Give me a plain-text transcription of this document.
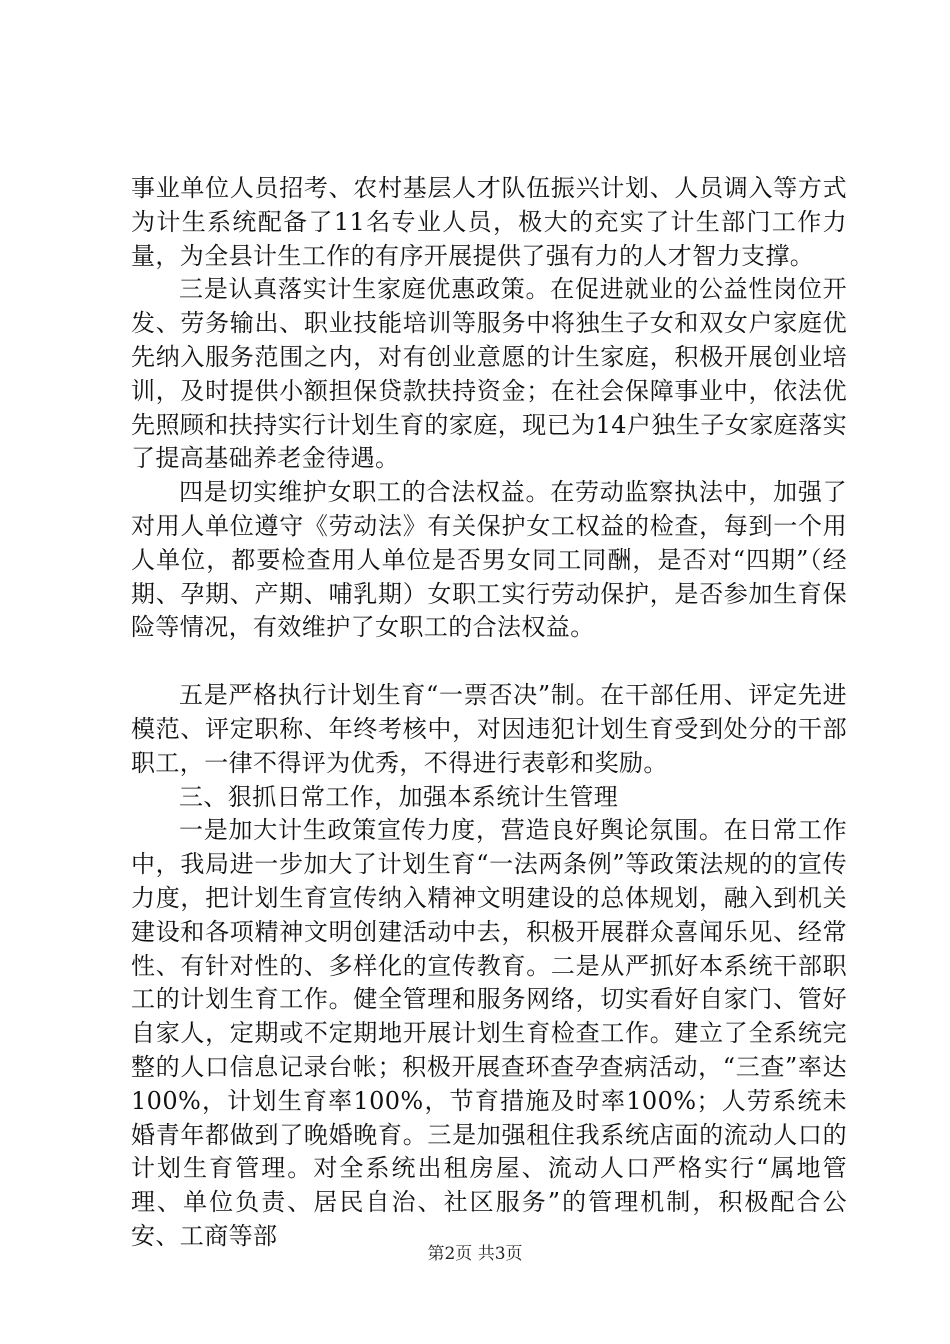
事业单位人员招考、农村基层人才队伍振兴计划、人员调入等方式为计生系统配备了11名专业人员，极大的充实了计生部门工作力量，为全县计生工作的有序开展提供了强有力的人才智力支撑。

三是认真落实计生家庭优惠政策。在促进就业的公益性岗位开发、劳务输出、职业技能培训等服务中将独生子女和双女户家庭优先纳入服务范围之内，对有创业意愿的计生家庭，积极开展创业培训，及时提供小额担保贷款扶持资金；在社会保障事业中，依法优先照顾和扶持实行计划生育的家庭，现已为14户独生子女家庭落实了提高基础养老金待遇。

四是切实维护女职工的合法权益。在劳动监察执法中，加强了对用人单位遵守《劳动法》有关保护女工权益的检查，每到一个用人单位，都要检查用人单位是否男女同工同酬，是否对“四期”（经期、孕期、产期、哺乳期）女职工实行劳动保护，是否参加生育保险等情况，有效维护了女职工的合法权益。

五是严格执行计划生育“一票否决”制。在干部任用、评定先进模范、评定职称、年终考核中，对因违犯计划生育受到处分的干部职工，一律不得评为优秀，不得进行表彰和奖励。

三、狠抓日常工作，加强本系统计生管理

一是加大计生政策宣传力度，营造良好舆论氛围。在日常工作中，我局进一步加大了计划生育“一法两条例”等政策法规的的宣传力度，把计划生育宣传纳入精神文明建设的总体规划，融入到机关建设和各项精神文明创建活动中去，积极开展群众喜闻乐见、经常性、有针对性的、多样化的宣传教育。二是从严抓好本系统干部职工的计划生育工作。健全管理和服务网络，切实看好自家门、管好自家人，定期或不定期地开展计划生育检查工作。建立了全系统完整的人口信息记录台帐；积极开展查环查孕查病活动，“三查”率达100%，计划生育率100%，节育措施及时率100%；人劳系统未婚青年都做到了晚婚晚育。三是加强租住我系统店面的流动人口的计划生育管理。对全系统出租房屋、流动人口严格实行“属地管理、单位负责、居民自治、社区服务”的管理机制，积极配合公安、工商等部

第2页 共3页
